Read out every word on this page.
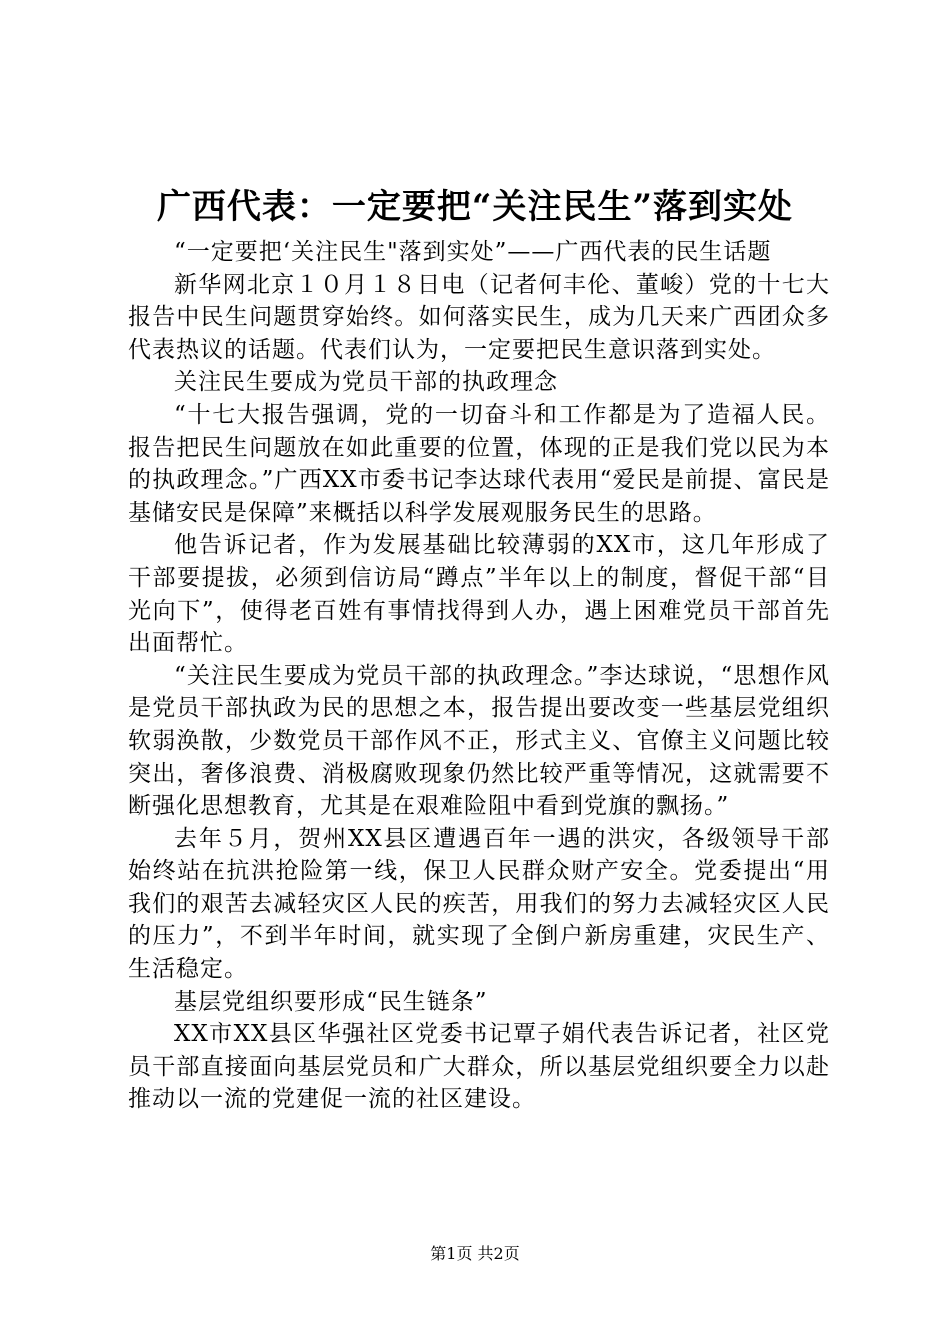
广西代表：一定要把“关注民生”落到实处

“一定要把‘关注民生"落到实处”——广西代表的民生话题

新华网北京１０月１８日电（记者何丰伦、董峻）党的十七大报告中民生问题贯穿始终。如何落实民生，成为几天来广西团众多代表热议的话题。代表们认为，一定要把民生意识落到实处。

关注民生要成为党员干部的执政理念

“十七大报告强调，党的一切奋斗和工作都是为了造福人民。报告把民生问题放在如此重要的位置，体现的正是我们党以民为本的执政理念。”广西XX市委书记李达球代表用“爱民是前提、富民是基储安民是保障”来概括以科学发展观服务民生的思路。

他告诉记者，作为发展基础比较薄弱的XX市，这几年形成了干部要提拔，必须到信访局“蹲点”半年以上的制度，督促干部“目光向下”，使得老百姓有事情找得到人办，遇上困难党员干部首先出面帮忙。

“关注民生要成为党员干部的执政理念。”李达球说，“思想作风是党员干部执政为民的思想之本，报告提出要改变一些基层党组织软弱涣散，少数党员干部作风不正，形式主义、官僚主义问题比较突出，奢侈浪费、消极腐败现象仍然比较严重等情况，这就需要不断强化思想教育，尤其是在艰难险阻中看到党旗的飘扬。”

去年５月，贺州XX县区遭遇百年一遇的洪灾，各级领导干部始终站在抗洪抢险第一线，保卫人民群众财产安全。党委提出“用我们的艰苦去减轻灾区人民的疾苦，用我们的努力去减轻灾区人民的压力”，不到半年时间，就实现了全倒户新房重建，灾民生产、生活稳定。

基层党组织要形成“民生链条”

XX市XX县区华强社区党委书记覃子娟代表告诉记者，社区党员干部直接面向基层党员和广大群众，所以基层党组织要全力以赴推动以一流的党建促一流的社区建设。

第1页 共2页
